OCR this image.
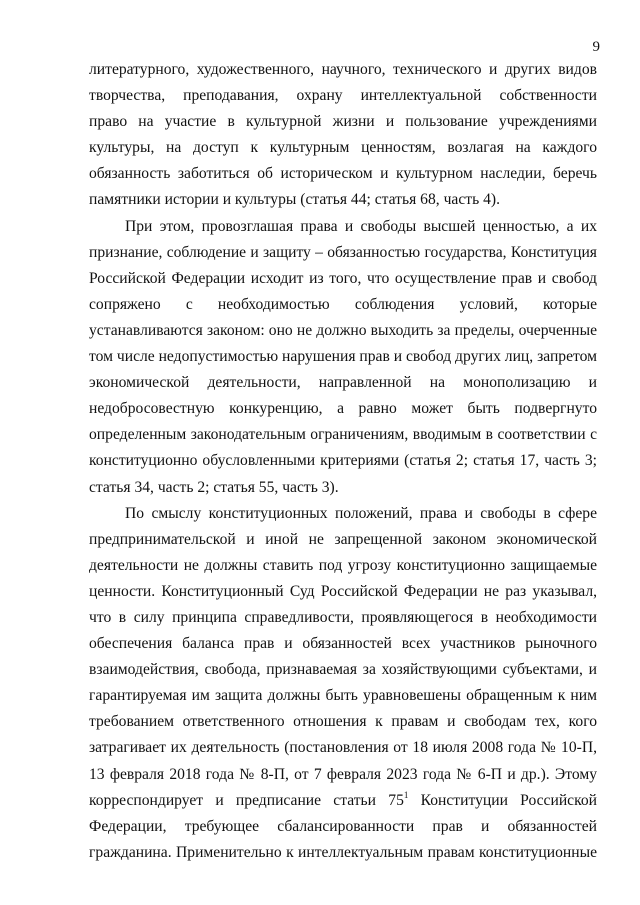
9
литературного, художественного, научного, технического и других видов
творчества, преподавания, охрану интеллектуальной собственности
право на участие в культурной жизни и пользование учреждениями
культуры, на доступ к культурным ценностям, возлагая на каждого
обязанность заботиться об историческом и культурном наследии, беречь
памятники истории и культуры (статья 44; статья 68, часть 4).
При этом, провозглашая права и свободы высшей ценностью, а их
признание, соблюдение и защиту – обязанностью государства, Конституция
Российской Федерации исходит из того, что осуществление прав и свобод
сопряжено с необходимостью соблюдения условий, которые
устанавливаются законом: оно не должно выходить за пределы, очерченные
том числе недопустимостью нарушения прав и свобод других лиц, запретом
экономической деятельности, направленной на монополизацию и
недобросовестную конкуренцию, а равно может быть подвергнуто
определенным законодательным ограничениям, вводимым в соответствии с
конституционно обусловленными критериями (статья 2; статья 17, часть 3;
статья 34, часть 2; статья 55, часть 3).
По смыслу конституционных положений, права и свободы в сфере
предпринимательской и иной не запрещенной законом экономической
деятельности не должны ставить под угрозу конституционно защищаемые
ценности. Конституционный Суд Российской Федерации не раз указывал,
что в силу принципа справедливости, проявляющегося в необходимости
обеспечения баланса прав и обязанностей всех участников рыночного
взаимодействия, свобода, признаваемая за хозяйствующими субъектами, и
гарантируемая им защита должны быть уравновешены обращенным к ним
требованием ответственного отношения к правам и свободам тех, кого
затрагивает их деятельность (постановления от 18 июля 2008 года № 10-П,
13 февраля 2018 года № 8-П, от 7 февраля 2023 года № 6-П и др.). Этому
корреспондирует и предписание статьи $75^1$ Конституции Российской
Федерации, требующее сбалансированности прав и обязанностей
гражданина. Применительно к интеллектуальным правам конституционные
